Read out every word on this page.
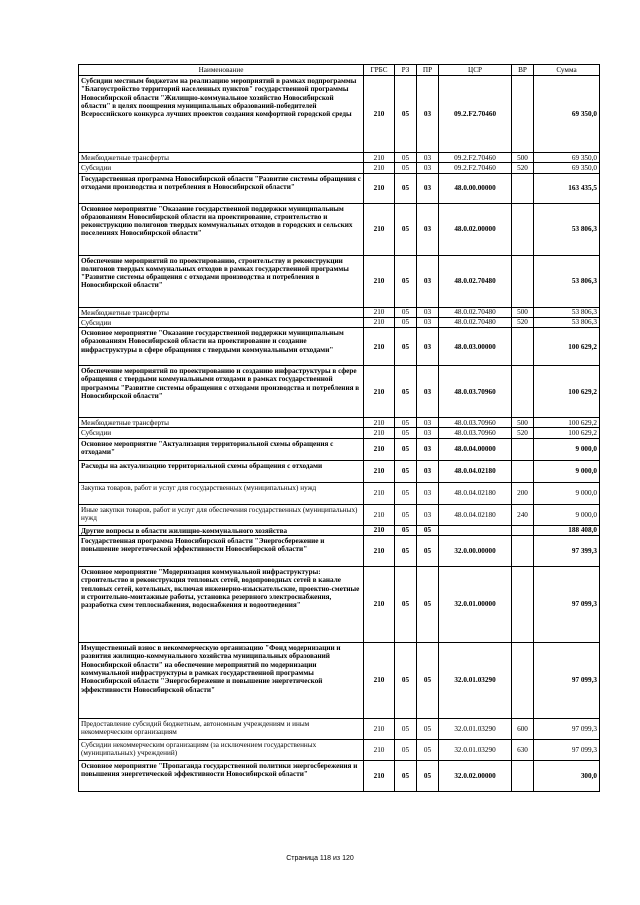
Наименование	ГРБС	РЗ	ПР	ЦСР	ВР	Сумма
Субсидии местным бюджетам на реализацию мероприятий в рамках подпрограммы "Благоустройство территорий населенных пунктов" государственной программы Новосибирской области "Жилищно-коммунальное хозяйство Новосибирской области" в целях поощрения муниципальных образований-победителей Всероссийского конкурса лучших проектов создания комфортной городской среды	210	05	03	09.2.F2.70460		69 350,0
Межбюджетные трансферты	210	05	03	09.2.F2.70460	500	69 350,0
Субсидии	210	05	03	09.2.F2.70460	520	69 350,0
Государственная программа Новосибирской области "Развитие системы обращения с отходами производства и потребления в Новосибирской области"	210	05	03	48.0.00.00000		163 435,5
Основное мероприятие "Оказание государственной поддержки муниципальным образованиям Новосибирской области на проектирование, строительство и реконструкцию полигонов твердых коммунальных отходов в городских и сельских поселениях Новосибирской области"	210	05	03	48.0.02.00000		53 806,3
Обеспечение мероприятий по проектированию, строительству и реконструкции полигонов твердых коммунальных отходов в рамках государственной программы "Развитие системы обращения с отходами производства и потребления в Новосибирской области"	210	05	03	48.0.02.70480		53 806,3
Межбюджетные трансферты	210	05	03	48.0.02.70480	500	53 806,3
Субсидии	210	05	03	48.0.02.70480	520	53 806,3
Основное мероприятие "Оказание государственной поддержки муниципальным образованиям Новосибирской области на проектирование и создание инфраструктуры в сфере обращения с твердыми коммунальными отходами"	210	05	03	48.0.03.00000		100 629,2
Обеспечение мероприятий по проектированию и созданию инфраструктуры в сфере обращения с твердыми коммунальными отходами в рамках государственной программы "Развитие системы обращения с отходами производства и потребления в Новосибирской области"	210	05	03	48.0.03.70960		100 629,2
Межбюджетные трансферты	210	05	03	48.0.03.70960	500	100 629,2
Субсидии	210	05	03	48.0.03.70960	520	100 629,2
Основное мероприятие "Актуализация территориальной схемы обращения с отходами"	210	05	03	48.0.04.00000		9 000,0
Расходы на актуализацию территориальной схемы обращения с отходами	210	05	03	48.0.04.02180		9 000,0
Закупка товаров, работ и услуг для государственных (муниципальных) нужд	210	05	03	48.0.04.02180	200	9 000,0
Иные закупки товаров, работ и услуг для обеспечения государственных (муниципальных) нужд	210	05	03	48.0.04.02180	240	9 000,0
Другие вопросы в области жилищно-коммунального хозяйства	210	05	05			188 408,0
Государственная программа Новосибирской области "Энергосбережение и повышение энергетической эффективности Новосибирской области"	210	05	05	32.0.00.00000		97 399,3
Основное мероприятие "Модернизация коммунальной инфраструктуры: строительство и реконструкция тепловых сетей, водопроводных сетей в канале тепловых сетей, котельных, включая инженерно-изыскательские, проектно-сметные и строительно-монтажные работы, установка резервного электроснабжения, разработка схем теплоснабжения, водоснабжения и водоотведения"	210	05	05	32.0.01.00000		97 099,3
Имущественный взнос в некоммерческую организацию "Фонд модернизации и развития жилищно-коммунального хозяйства муниципальных образований Новосибирской области" на обеспечение мероприятий по модернизации коммунальной инфраструктуры в рамках государственной программы Новосибирской области "Энергосбережение и повышение энергетической эффективности Новосибирской области"	210	05	05	32.0.01.03290		97 099,3
Предоставление субсидий бюджетным, автономным учреждениям и иным некоммерческим организациям	210	05	05	32.0.01.03290	600	97 099,3
Субсидии некоммерческим организациям (за исключением государственных (муниципальных) учреждений)	210	05	05	32.0.01.03290	630	97 099,3
Основное мероприятие "Пропаганда государственной политики энергосбережения и повышения энергетической эффективности Новосибирской области"	210	05	05	32.0.02.00000		300,0
Страница 118 из 120
